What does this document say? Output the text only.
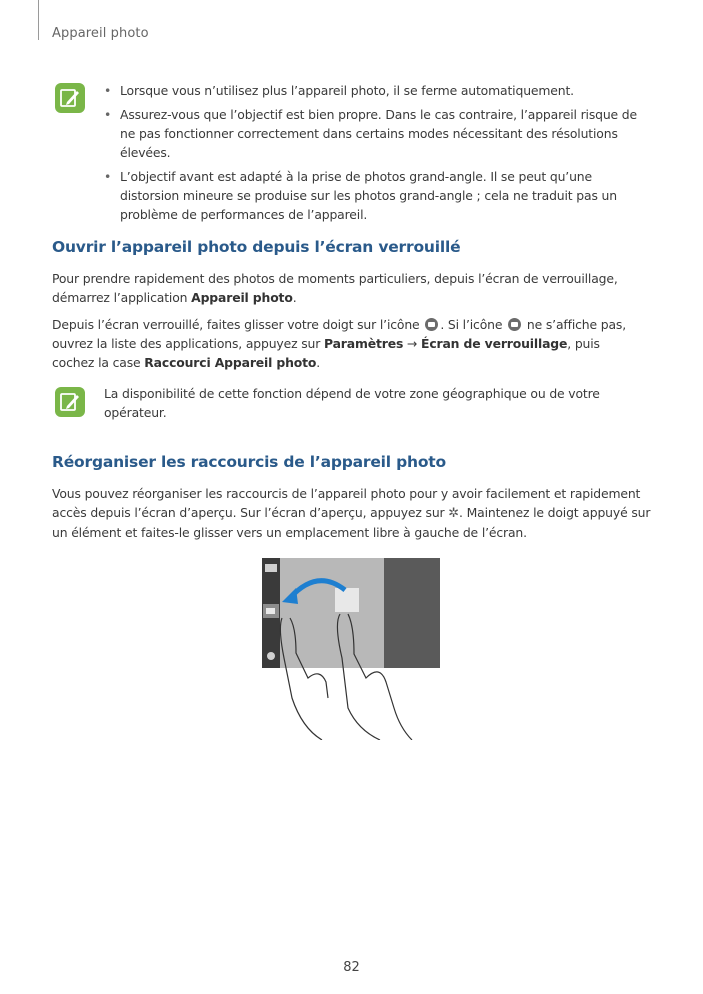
Appareil photo
• Lorsque vous n’utilisez plus l’appareil photo, il se ferme automatiquement.
• Assurez-vous que l’objectif est bien propre. Dans le cas contraire, l’appareil risque de ne pas fonctionner correctement dans certains modes nécessitant des résolutions élevées.
• L’objectif avant est adapté à la prise de photos grand-angle. Il se peut qu’une distorsion mineure se produise sur les photos grand-angle ; cela ne traduit pas un problème de performances de l’appareil.
Ouvrir l’appareil photo depuis l’écran verrouillé
Pour prendre rapidement des photos de moments particuliers, depuis l’écran de verrouillage, démarrez l’application Appareil photo.
Depuis l’écran verrouillé, faites glisser votre doigt sur l’icône . Si l’icône  ne s’affiche pas, ouvrez la liste des applications, appuyez sur Paramètres → Écran de verrouillage, puis cochez la case Raccourci Appareil photo.
La disponibilité de cette fonction dépend de votre zone géographique ou de votre opérateur.
Réorganiser les raccourcis de l’appareil photo
Vous pouvez réorganiser les raccourcis de l’appareil photo pour y avoir facilement et rapidement accès depuis l’écran d’aperçu. Sur l’écran d’aperçu, appuyez sur ✲. Maintenez le doigt appuyé sur un élément et faites-le glisser vers un emplacement libre à gauche de l’écran.
82
